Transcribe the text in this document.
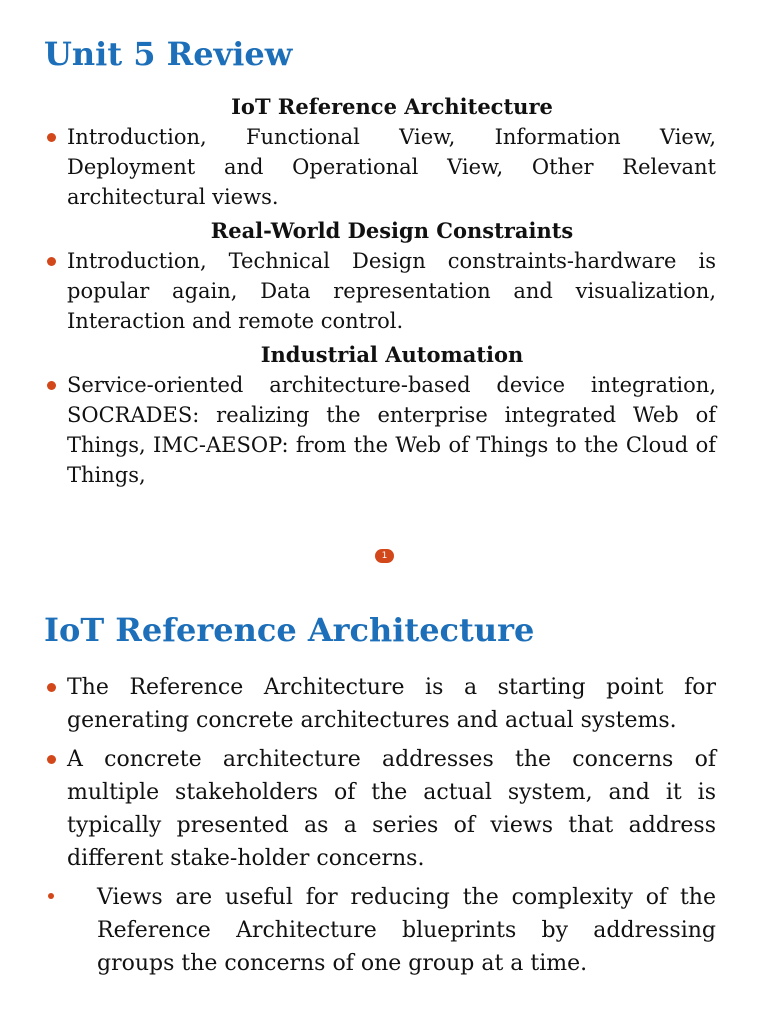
Unit 5 Review

IoT Reference Architecture

Introduction, Functional View, Information View, Deployment and Operational View, Other Relevant architectural views.

Real-World Design Constraints

Introduction, Technical Design constraints-hardware is popular again, Data representation and visualization, Interaction and remote control.

Industrial Automation

Service-oriented architecture-based device integration, SOCRADES: realizing the enterprise integrated Web of Things, IMC-AESOP: from the Web of Things to the Cloud of Things,
1
IoT Reference Architecture
The Reference Architecture is a starting point for generating concrete architectures and actual systems.
A concrete architecture addresses the concerns of multiple stakeholders of the actual system, and it is typically presented as a series of views that address different stake-holder concerns.
Views are useful for reducing the complexity of the Reference Architecture blueprints by addressing groups the concerns of one group at a time.
